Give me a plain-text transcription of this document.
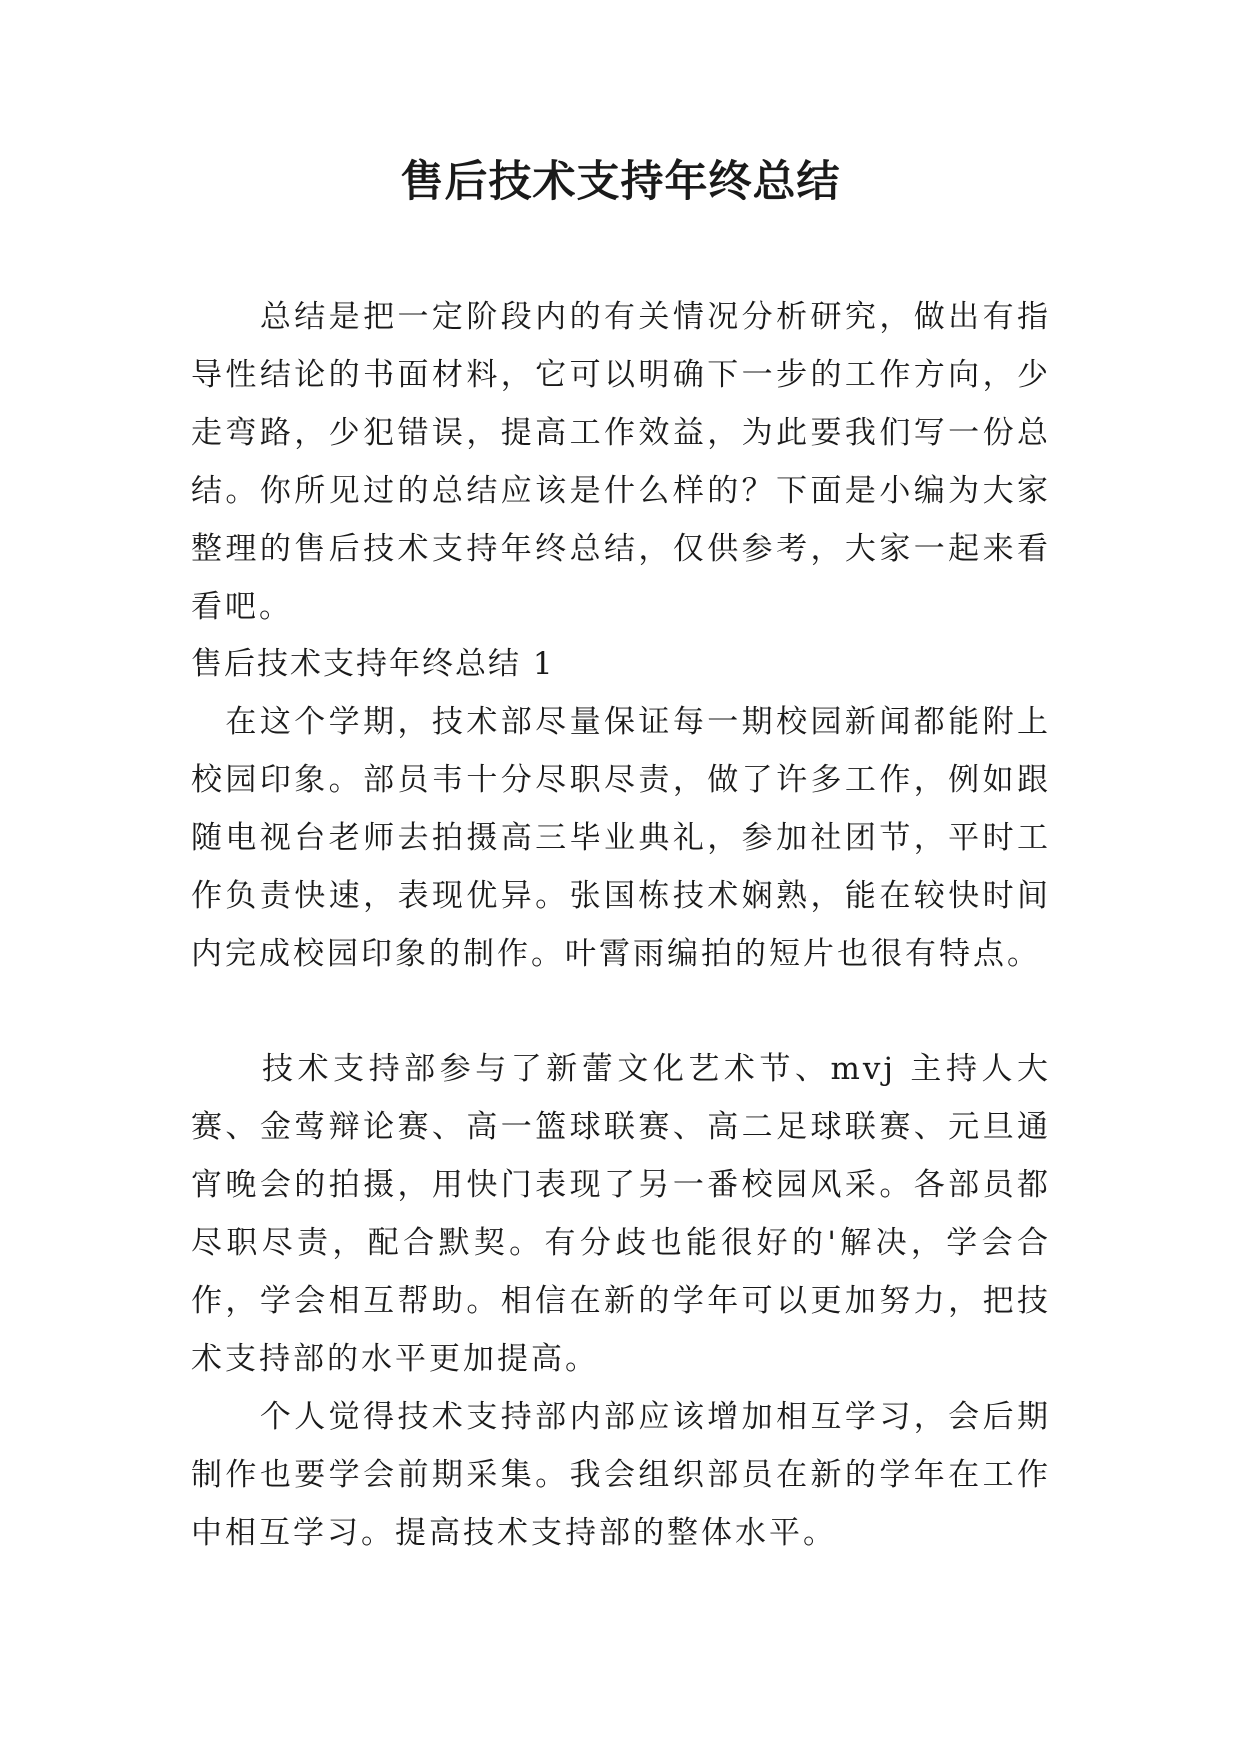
售后技术支持年终总结

　　总结是把一定阶段内的有关情况分析研究，做出有指导性结论的书面材料，它可以明确下一步的工作方向，少走弯路，少犯错误，提高工作效益，为此要我们写一份总结。你所见过的总结应该是什么样的？下面是小编为大家整理的售后技术支持年终总结，仅供参考，大家一起来看看吧。

售后技术支持年终总结 1

　在这个学期，技术部尽量保证每一期校园新闻都能附上校园印象。部员韦十分尽职尽责，做了许多工作，例如跟随电视台老师去拍摄高三毕业典礼，参加社团节，平时工作负责快速，表现优异。张国栋技术娴熟，能在较快时间内完成校园印象的制作。叶霄雨编拍的短片也很有特点。

　　技术支持部参与了新蕾文化艺术节、mvj 主持人大赛、金莺辩论赛、高一篮球联赛、高二足球联赛、元旦通宵晚会的拍摄，用快门表现了另一番校园风采。各部员都尽职尽责，配合默契。有分歧也能很好的'解决，学会合作，学会相互帮助。相信在新的学年可以更加努力，把技术支持部的水平更加提高。

　　个人觉得技术支持部内部应该增加相互学习，会后期制作也要学会前期采集。我会组织部员在新的学年在工作中相互学习。提高技术支持部的整体水平。
